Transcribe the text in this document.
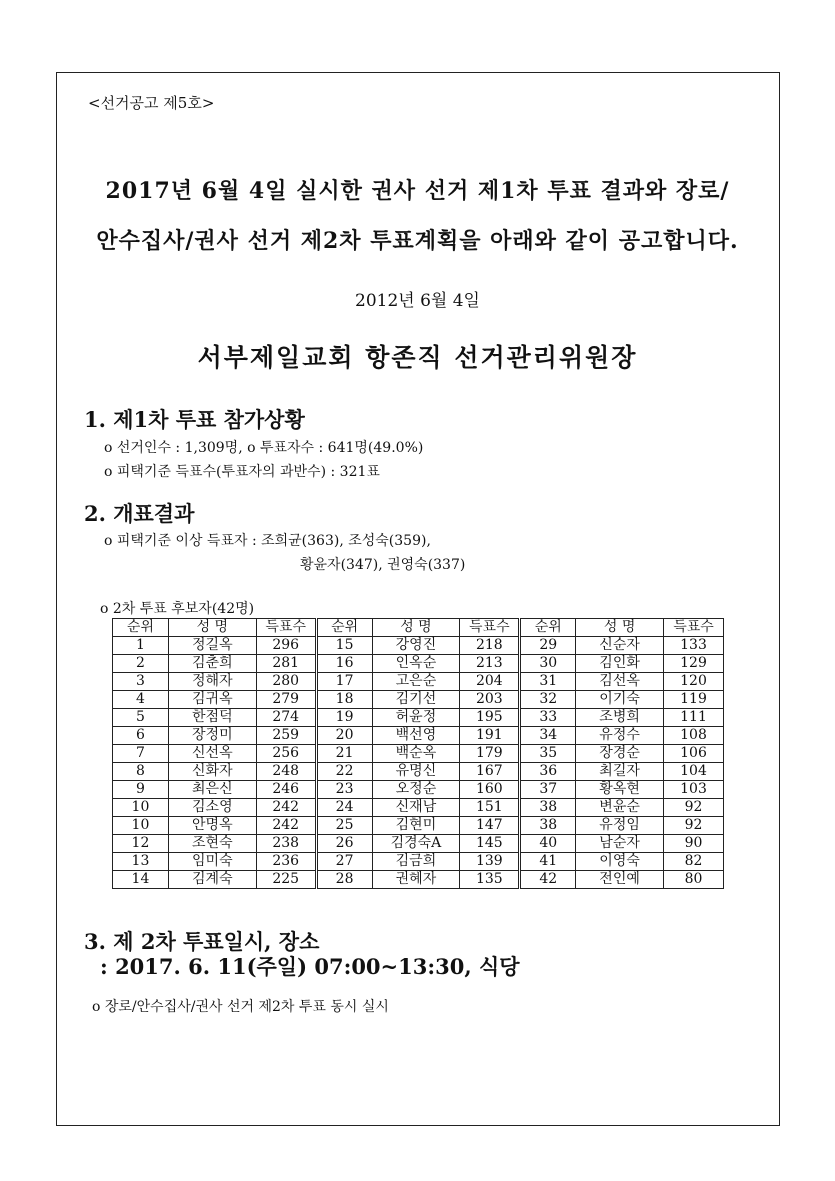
<선거공고 제5호>
2017년 6월 4일 실시한 권사 선거 제1차 투표 결과와 장로/
안수집사/권사 선거 제2차 투표계획을 아래와 같이 공고합니다.
2012년 6월 4일
서부제일교회 항존직 선거관리위원장
1. 제1차 투표 참가상황
o 선거인수 : 1,309명, o 투표자수 : 641명(49.0%)
o 피택기준 득표수(투표자의 과반수) : 321표
2. 개표결과
o 피택기준 이상 득표자 : 조희균(363), 조성숙(359),
황윤자(347), 권영숙(337)
o 2차 투표 후보자(42명)
순위	성 명	득표수	순위	성 명	득표수	순위	성 명	득표수
1	정길옥	296	15	강영진	218	29	신순자	133
2	김춘희	281	16	인옥순	213	30	김인화	129
3	정해자	280	17	고은순	204	31	김선옥	120
4	김귀옥	279	18	김기선	203	32	이기숙	119
5	한점덕	274	19	허윤정	195	33	조병희	111
6	장정미	259	20	백선영	191	34	유정수	108
7	신선옥	256	21	백순옥	179	35	장경순	106
8	신화자	248	22	유명신	167	36	최길자	104
9	최은신	246	23	오정순	160	37	황옥현	103
10	김소영	242	24	신재남	151	38	변윤순	92
10	안명옥	242	25	김현미	147	38	유정임	92
12	조현숙	238	26	김경숙A	145	40	남순자	90
13	임미숙	236	27	김금희	139	41	이영숙	82
14	김계숙	225	28	권혜자	135	42	전인예	80
3. 제 2차 투표일시, 장소
: 2017. 6. 11(주일) 07:00~13:30, 식당
o 장로/안수집사/권사 선거 제2차 투표 동시 실시
